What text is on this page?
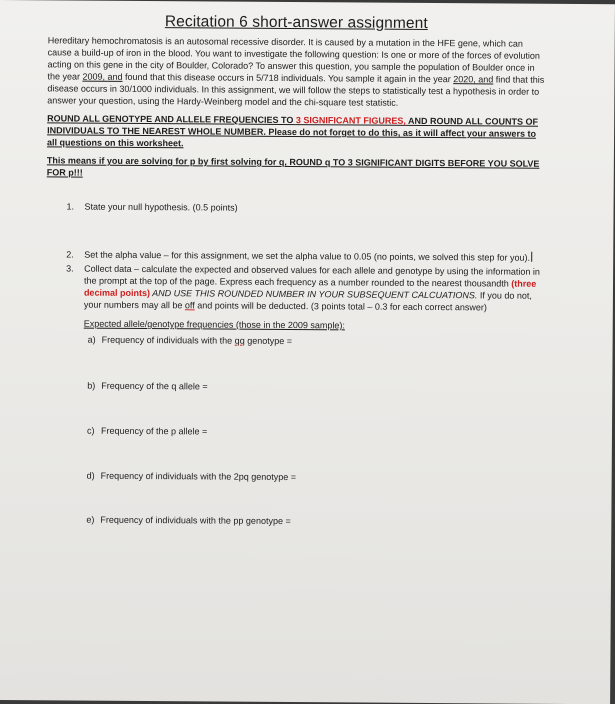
Recitation 6 short-answer assignment

Hereditary hemochromatosis is an autosomal recessive disorder. It is caused by a mutation in the HFE gene, which can cause a build-up of iron in the blood. You want to investigate the following question: Is one or more of the forces of evolution acting on this gene in the city of Boulder, Colorado? To answer this question, you sample the population of Boulder once in the year 2009, and found that this disease occurs in 5/718 individuals. You sample it again in the year 2020, and find that this disease occurs in 30/1000 individuals. In this assignment, we will follow the steps to statistically test a hypothesis in order to answer your question, using the Hardy-Weinberg model and the chi-square test statistic.

ROUND ALL GENOTYPE AND ALLELE FREQUENCIES TO 3 SIGNIFICANT FIGURES, AND ROUND ALL COUNTS OF INDIVIDUALS TO THE NEAREST WHOLE NUMBER. Please do not forget to do this, as it will affect your answers to all questions on this worksheet.
This means if you are solving for p by first solving for q, ROUND q TO 3 SIGNIFICANT DIGITS BEFORE YOU SOLVE FOR p!!!
1. State your null hypothesis. (0.5 points)
2. Set the alpha value – for this assignment, we set the alpha value to 0.05 (no points, we solved this step for you).
3. Collect data – calculate the expected and observed values for each allele and genotype by using the information in the prompt at the top of the page. Express each frequency as a number rounded to the nearest thousandth (three decimal points) AND USE THIS ROUNDED NUMBER IN YOUR SUBSEQUENT CALCUATIONS. If you do not, your numbers may all be off and points will be deducted. (3 points total – 0.3 for each correct answer)
Expected allele/genotype frequencies (those in the 2009 sample):
a) Frequency of individuals with the qq genotype =
b) Frequency of the q allele =
c) Frequency of the p allele =
d) Frequency of individuals with the 2pq genotype =
e) Frequency of individuals with the pp genotype =
